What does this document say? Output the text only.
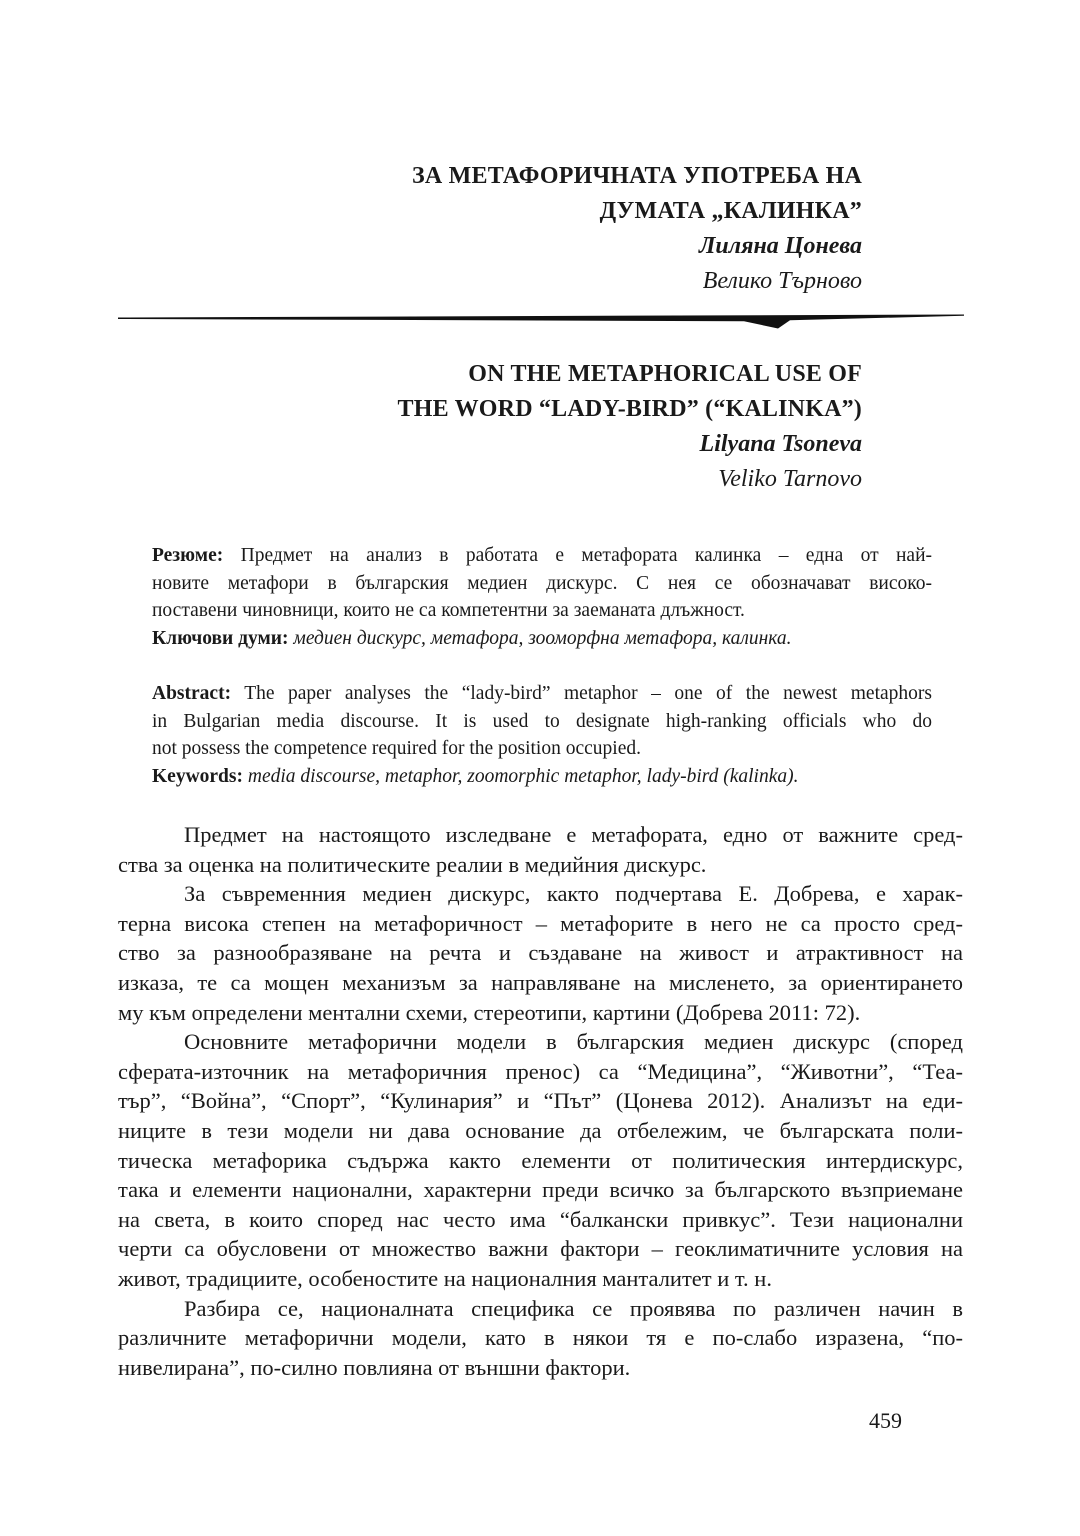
ЗА МЕТАФОРИЧНАТА УПОТРЕБА НА
ДУМАТА „КАЛИНКА”
Лиляна Цонева
Велико Търново
ON THE METAPHORICAL USE OF
THE WORD “LADY-BIRD” (“KALINKA”)
Lilyana Tsoneva
Veliko Tarnovo
Резюме: Предмет на анализ в работата е метафората калинка – една от най-
новите метафори в българския медиен дискурс. С нея се обозначават високо-
поставени чиновници, които не са компетентни за заеманата длъжност.
Ключови думи: медиен дискурс, метафора, зооморфна метафора, калинка.
Abstract: The paper analyses the “lady-bird” metaphor – one of the newest metaphors
in Bulgarian media discourse. It is used to designate high-ranking officials who do
not possess the competence required for the position occupied.
Keywords: media discourse, metaphor, zoomorphic metaphor, lady-bird (kalinka).
Предмет на настоящото изследване е метафората, едно от важните сред-
ства за оценка на политическите реалии в медийния дискурс.
За съвременния медиен дискурс, както подчертава Е. Добрева, е харак-
терна висока степен на метафоричност – метафорите в него не са просто сред-
ство за разнообразяване на речта и създаване на живост и атрактивност на
изказа, те са мощен механизъм за направляване на мисленето, за ориентирането
му към определени ментални схеми, стереотипи, картини (Добрева 2011: 72).
Основните метафорични модели в българския медиен дискурс (според
сферата-източник на метафоричния пренос) са “Медицина”, “Животни”, “Теа-
тър”, “Война”, “Спорт”, “Кулинария” и “Път” (Цонева 2012). Анализът на еди-
ниците в тези модели ни дава основание да отбележим, че българската поли-
тическа метафорика съдържа както елементи от политическия интердискурс,
така и елементи национални, характерни преди всичко за българското възприемане
на света, в които според нас често има “балкански привкус”. Тези национални
черти са обусловени от множество важни фактори – геоклиматичните условия на
живот, традициите, особеностите на националния манталитет и т. н.
Разбира се, националната специфика се проявява по различен начин в
различните метафорични модели, като в някои тя е по-слабо изразена, “по-
нивелирана”, по-силно повлияна от външни фактори.
459
